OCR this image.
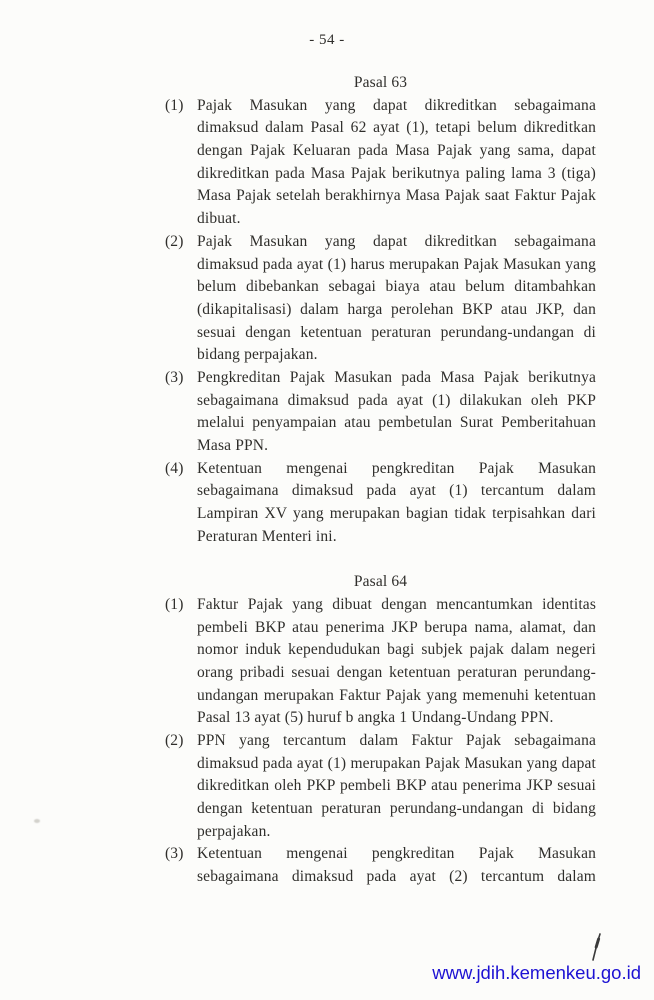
- 54 -
Pasal 63
(1) Pajak Masukan yang dapat dikreditkan sebagaimana
dimaksud dalam Pasal 62 ayat (1), tetapi belum dikreditkan
dengan Pajak Keluaran pada Masa Pajak yang sama, dapat
dikreditkan pada Masa Pajak berikutnya paling lama 3 (tiga)
Masa Pajak setelah berakhirnya Masa Pajak saat Faktur Pajak
dibuat.
(2) Pajak Masukan yang dapat dikreditkan sebagaimana
dimaksud pada ayat (1) harus merupakan Pajak Masukan yang
belum dibebankan sebagai biaya atau belum ditambahkan
(dikapitalisasi) dalam harga perolehan BKP atau JKP, dan
sesuai dengan ketentuan peraturan perundang-undangan di
bidang perpajakan.
(3) Pengkreditan Pajak Masukan pada Masa Pajak berikutnya
sebagaimana dimaksud pada ayat (1) dilakukan oleh PKP
melalui penyampaian atau pembetulan Surat Pemberitahuan
Masa PPN.
(4) Ketentuan mengenai pengkreditan Pajak Masukan
sebagaimana dimaksud pada ayat (1) tercantum dalam
Lampiran XV yang merupakan bagian tidak terpisahkan dari
Peraturan Menteri ini.
Pasal 64
(1) Faktur Pajak yang dibuat dengan mencantumkan identitas
pembeli BKP atau penerima JKP berupa nama, alamat, dan
nomor induk kependudukan bagi subjek pajak dalam negeri
orang pribadi sesuai dengan ketentuan peraturan perundang-
undangan merupakan Faktur Pajak yang memenuhi ketentuan
Pasal 13 ayat (5) huruf b angka 1 Undang-Undang PPN.
(2) PPN yang tercantum dalam Faktur Pajak sebagaimana
dimaksud pada ayat (1) merupakan Pajak Masukan yang dapat
dikreditkan oleh PKP pembeli BKP atau penerima JKP sesuai
dengan ketentuan peraturan perundang-undangan di bidang
perpajakan.
(3) Ketentuan mengenai pengkreditan Pajak Masukan
sebagaimana dimaksud pada ayat (2) tercantum dalam
www.jdih.kemenkeu.go.id
